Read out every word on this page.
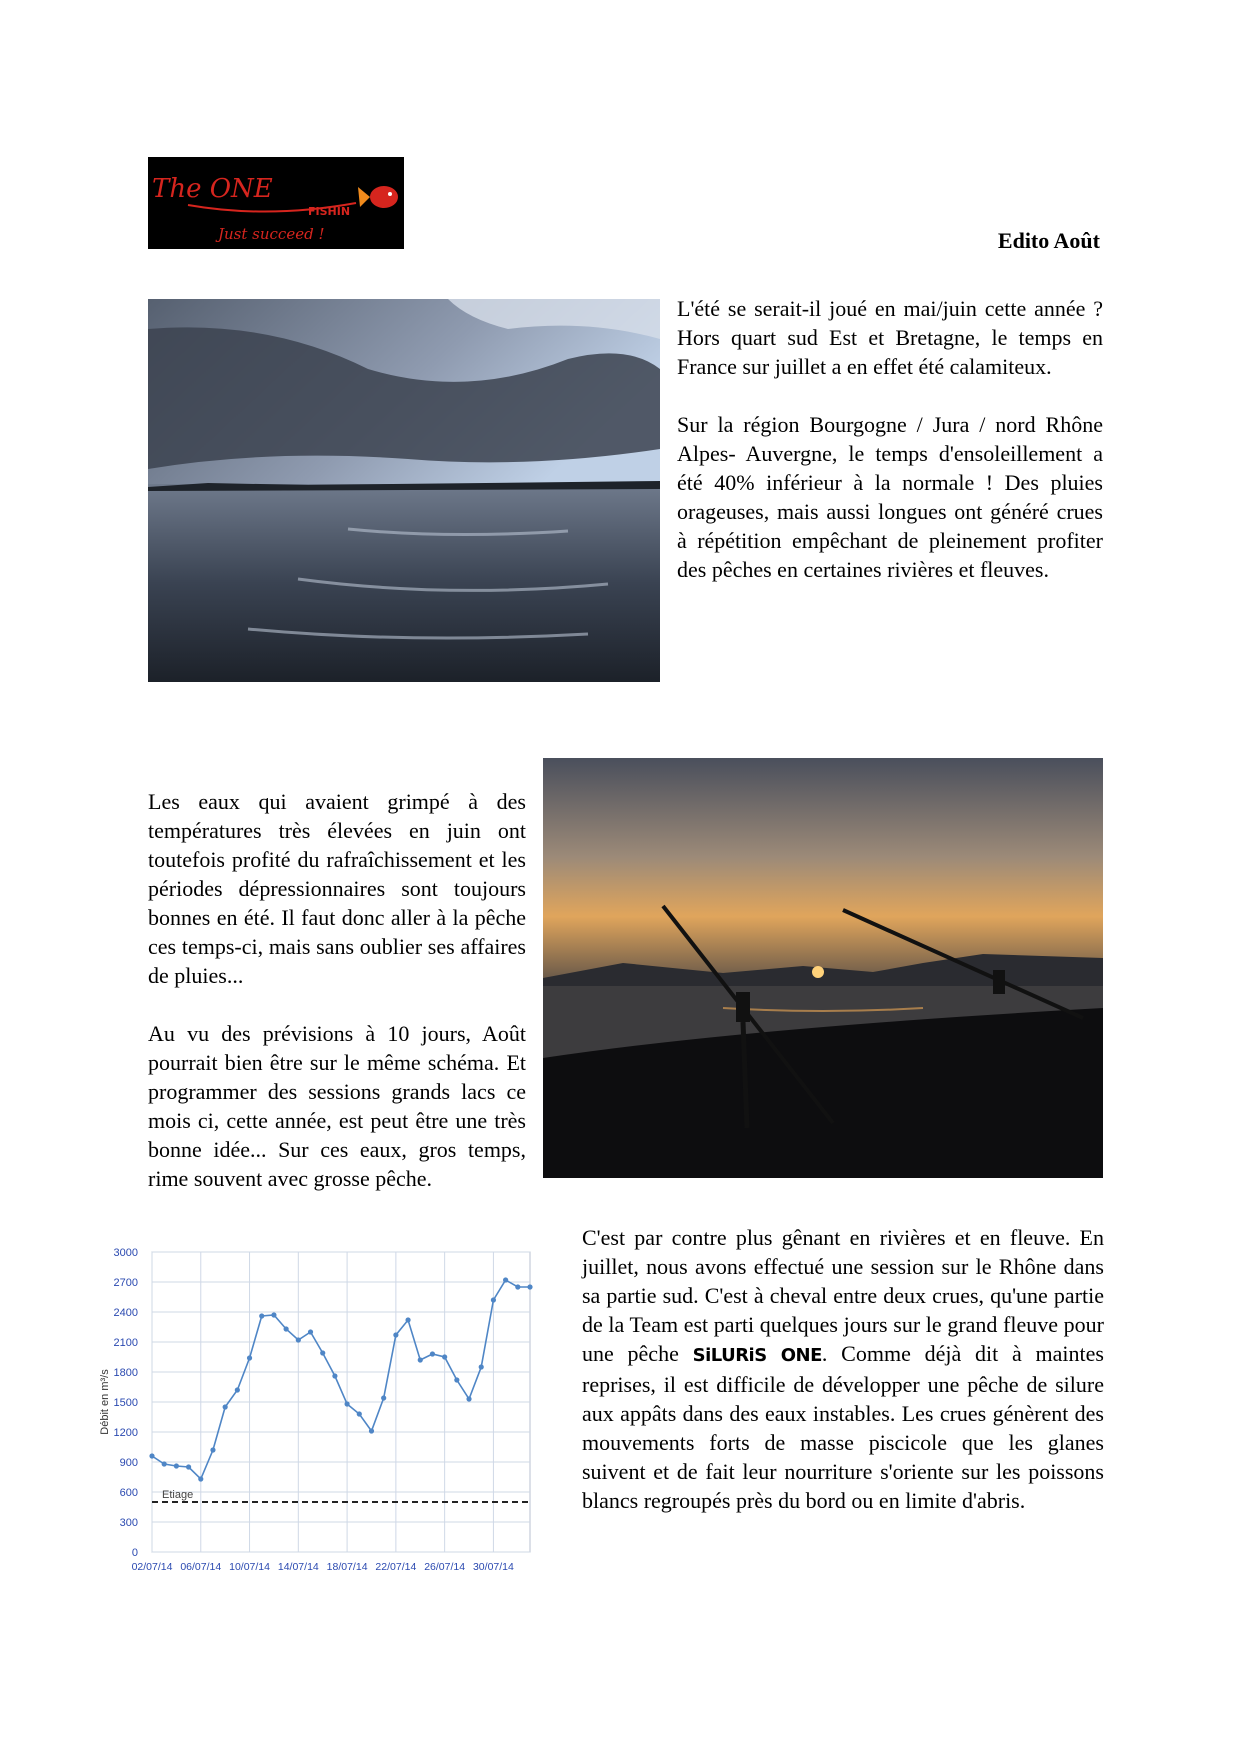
The ONE
FISHIN
Just succeed !	Edito Août

L'été se serait-il joué en mai/juin cette année ? Hors quart sud Est et Bretagne, le temps en France sur juillet a en effet été calamiteux.

Sur la région Bourgogne / Jura / nord Rhône Alpes- Auvergne, le temps d'ensoleillement a été 40% inférieur à la normale ! Des pluies orageuses, mais aussi longues ont généré crues à répétition empêchant de pleinement profiter des pêches en certaines rivières et fleuves.

Les eaux qui avaient grimpé à des températures très élevées en juin ont toutefois profité du rafraîchissement et les périodes dépressionnaires sont toujours bonnes en été. Il faut donc aller à la pêche ces temps-ci, mais sans oublier ses affaires de pluies...

Au vu des prévisions à 10 jours, Août pourrait bien être sur le même schéma. Et programmer des sessions grands lacs ce mois ci, cette année, est peut être une très bonne idée... Sur ces eaux, gros temps, rime souvent avec grosse pêche.

0
300
600
900
1200
1500
1800
2100
2400
2700
3000
02/07/14 06/07/14 10/07/14 14/07/14 18/07/14 22/07/14 26/07/14 30/07/14
Débit en m³/s
Etiage

C'est par contre plus gênant en rivières et en fleuve. En juillet, nous avons effectué une session sur le Rhône dans sa partie sud. C'est à cheval entre deux crues, qu'une partie de la Team est parti quelques jours sur le grand fleuve pour une pêche SiLURiS ONE. Comme déjà dit à maintes reprises, il est difficile de développer une pêche de silure aux appâts dans des eaux instables. Les crues génèrent des mouvements forts de masse piscicole que les glanes suivent et de fait leur nourriture s'oriente sur les poissons blancs regroupés près du bord ou en limite d'abris.
